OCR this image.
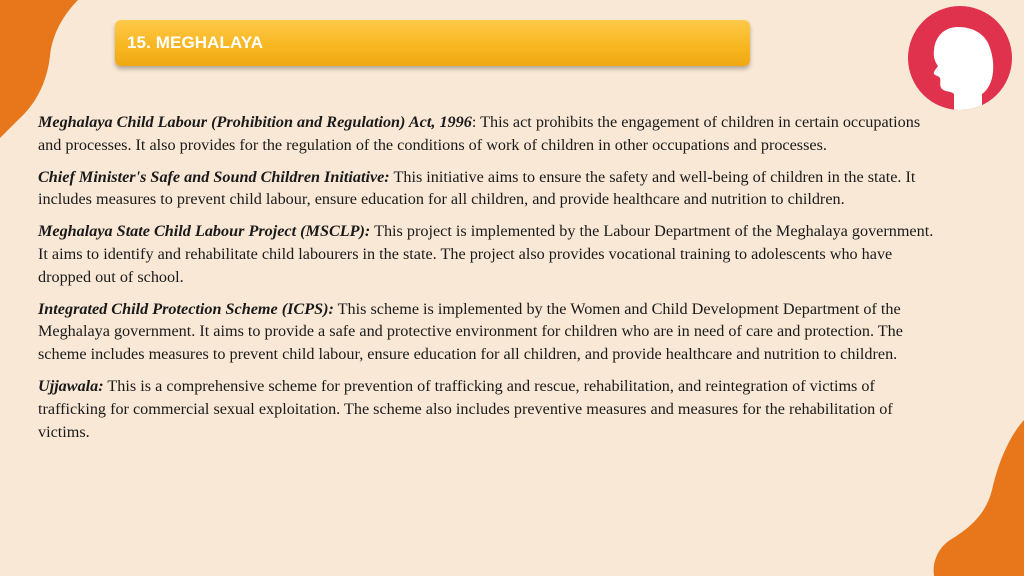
15. MEGHALAYA

Meghalaya Child Labour (Prohibition and Regulation) Act, 1996: This act prohibits the engagement of children in certain occupations and processes. It also provides for the regulation of the conditions of work of children in other occupations and processes.

Chief Minister's Safe and Sound Children Initiative: This initiative aims to ensure the safety and well-being of children in the state. It includes measures to prevent child labour, ensure education for all children, and provide healthcare and nutrition to children.

Meghalaya State Child Labour Project (MSCLP): This project is implemented by the Labour Department of the Meghalaya government. It aims to identify and rehabilitate child labourers in the state. The project also provides vocational training to adolescents who have dropped out of school.

Integrated Child Protection Scheme (ICPS): This scheme is implemented by the Women and Child Development Department of the Meghalaya government. It aims to provide a safe and protective environment for children who are in need of care and protection. The scheme includes measures to prevent child labour, ensure education for all children, and provide healthcare and nutrition to children.

Ujjawala: This is a comprehensive scheme for prevention of trafficking and rescue, rehabilitation, and reintegration of victims of trafficking for commercial sexual exploitation. The scheme also includes preventive measures and measures for the rehabilitation of victims.
